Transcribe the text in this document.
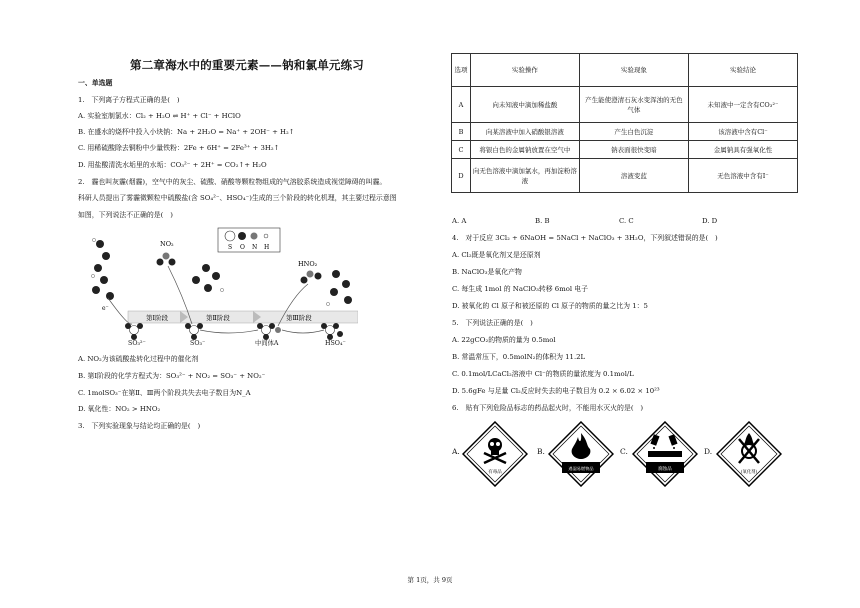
第二章海水中的重要元素——钠和氯单元练习
一、单选题
1.　下列离子方程式正确的是(　)
A. 实验室制氯水：Cl₂ + H₂O ⇌ H⁺ + Cl⁻ + HClO
B. 在盛水的烧杯中投入小块钠：Na + 2H₂O = Na⁺ + 2OH⁻ + H₂↑
C. 用稀硫酸除去铜粉中少量铁粉：2Fe + 6H⁺ = 2Fe³⁺ + 3H₂↑
D. 用盐酸清洗水垢里的水垢：CO₃²⁻ + 2H⁺ = CO₂↑+ H₂O
2.　霾也叫灰霾(烟霾)，空气中的灰尘、硫酸、硝酸等颗粒物组成的气溶胶系统造成视觉障碍的叫霾。
科研人员提出了雾霾微颗粒中硫酸盐(含 SO₄²⁻、HSO₄⁻)生成的三个阶段的转化机理，其主要过程示意图
如图，下列说法不正确的是(　)
S O N H
第Ⅰ阶段	第Ⅱ阶段	第Ⅲ阶段
e⁻
NO₂
HNO₂
SO₃²⁻	SO₃⁻	中间体A	HSO₄⁻
A. NO₂为该硫酸盐转化过程中的催化剂
B. 第Ⅰ阶段的化学方程式为：SO₃²⁻ + NO₂ = SO₃⁻ + NO₂⁻
C. 1molSO₃⁻在第Ⅱ、Ⅲ两个阶段共失去电子数目为N_A
D. 氧化性：NO₂ > HNO₂
3.　下列实验现象与结论均正确的是(　)
选项	实验操作	实验现象	实验结论
A	向未知液中滴加稀盐酸	产生能使澄清石灰水变浑浊的无色气体	未知液中一定含有CO₃²⁻
B	向某溶液中加入硝酸银溶液	产生白色沉淀	该溶液中含有Cl⁻
C	将银白色的金属钠放置在空气中	钠表面很快变暗	金属钠具有强氧化性
D	向无色溶液中滴加氯水，再加淀粉溶液	溶液变蓝	无色溶液中含有I⁻
A. A	B. B	C. C	D. D
4.　对于反应 3Cl₂ + 6NaOH = 5NaCl + NaClO₃ + 3H₂O，下列叙述错误的是(　)
A. Cl₂既是氧化剂又是还原剂
B. NaClO₃是氧化产物
C. 每生成 1mol 的 NaClO₃转移 6mol 电子
D. 被氧化的 Cl 原子和被还原的 Cl 原子的物质的量之比为 1：5
5.　下列说法正确的是(　)
A. 22gCO₂的物质的量为 0.5mol
B. 常温常压下，0.5molN₂的体积为 11.2L
C. 0.1mol/LCaCl₂溶液中 Cl⁻的物质的量浓度为 0.1mol/L
D. 5.6gFe 与足量 Cl₂反应时失去的电子数目为 0.2 × 6.02 × 10²³
6.　贴有下列危险品标志的药品起火时，不能用水灭火的是(　)
A.	B.	C.	D.
有毒品
遇湿易燃物品	腐蚀品
(氧化剂)
第 1页，共 9页
